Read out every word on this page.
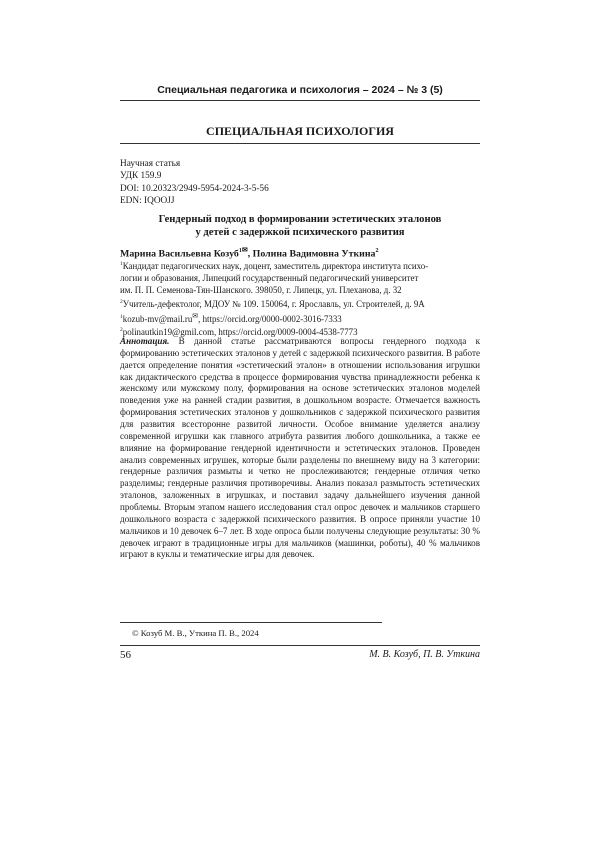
Специальная педагогика и психология – 2024 – № 3 (5)
СПЕЦИАЛЬНАЯ ПСИХОЛОГИЯ
Научная статья
УДК 159.9
DOI: 10.20323/2949-5954-2024-3-5-56
EDN: IQOOJJ
Гендерный подход в формировании эстетических эталонов
у детей с задержкой психического развития
Марина Васильевна Козуб$^{1✉}$, Полина Вадимовна Уткина$^2$
$^1$Кандидат педагогических наук, доцент, заместитель директора института психо-
логии и образования, Липецкий государственный педагогический университет
им. П. П. Семенова-Тян-Шанского. 398050, г. Липецк, ул. Плеханова, д. 32
$^2$Учитель-дефектолог, МДОУ № 109. 150064, г. Ярославль, ул. Строителей, д. 9А
$^1$kozub-mv@mail.ru✉, https://orcid.org/0000-0002-3016-7333
$^2$polinautkin19@gmil.com, https://orcid.org/0009-0004-4538-7773
Аннотация. В данной статье рассматриваются вопросы гендерного подхода к формированию эстетических эталонов у детей с задержкой психического развития. В работе дается определение понятия «эстетический эталон» в отношении использования игрушки как дидактического средства в процессе формирования чувства принадлежности ребенка к женскому или мужскому полу, формирования на основе эстетических эталонов моделей поведения уже на ранней стадии развития, в дошкольном возрасте. Отмечается важность формирования эстетических эталонов у дошкольников с задержкой психического развития для развития всесторонне развитой личности. Особое внимание уделяется анализу современной игрушки как главного атрибута развития любого дошкольника, а также ее влияние на формирование гендерной идентичности и эстетических эталонов. Проведен анализ современных игрушек, которые были разделены по внешнему виду на 3 категории: гендерные различия размыты и четко не прослеживаются; гендерные отличия четко разделимы; гендерные различия противоречивы. Анализ показал размытость эстетических эталонов, заложенных в игрушках, и поставил задачу дальнейшего изучения данной проблемы. Вторым этапом нашего исследования стал опрос девочек и мальчиков старшего дошкольного возраста с задержкой психического развития. В опросе приняли участие 10 мальчиков и 10 девочек 6–7 лет. В ходе опроса были получены следующие результаты: 30 % девочек играют в традиционные игры для мальчиков (машинки, роботы), 40 % мальчиков играют в куклы и тематические игры для девочек.
© Козуб М. В., Уткина П. В., 2024
56	М. В. Козуб, П. В. Уткина
